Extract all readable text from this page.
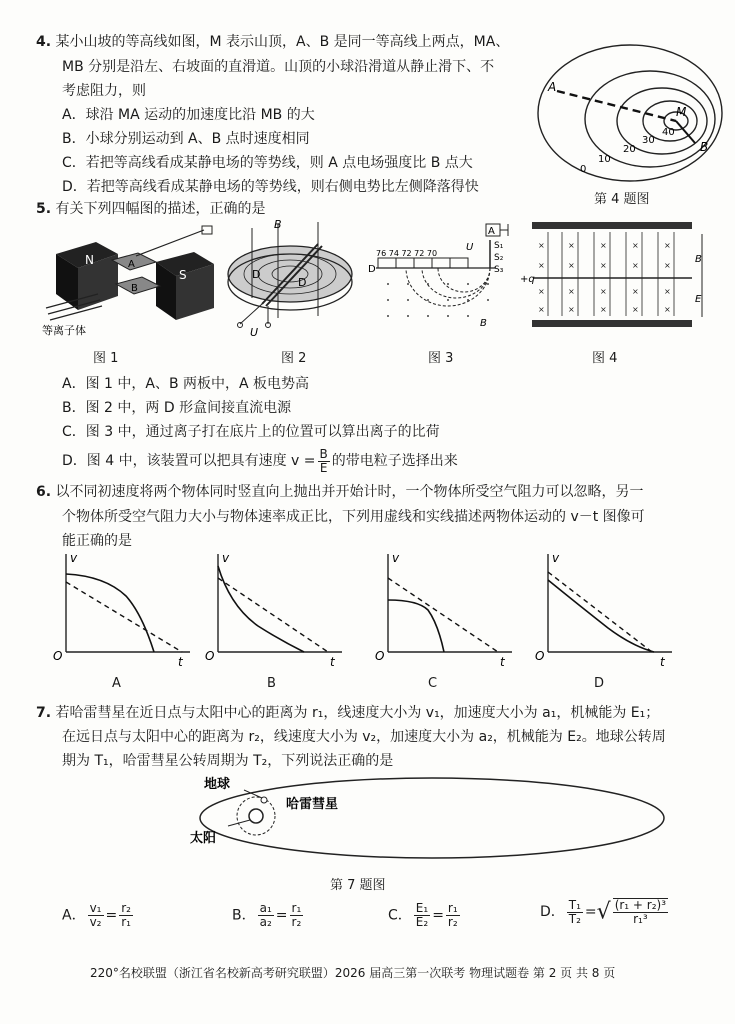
4. 某小山坡的等高线如图，M 表示山顶，A、B 是同一等高线上两点，MA、
MB 分别是沿左、右坡面的直滑道。山顶的小球沿滑道从静止滑下、不
考虑阻力，则
A．球沿 MA 运动的加速度比沿 MB 的大
B．小球分别运动到 A、B 点时速度相同
C．若把等高线看成某静电场的等势线，则 A 点电场强度比 B 点大
D．若把等高线看成某静电场的等势线，则右侧电势比左侧降落得快
A
M
B
0
10
20
30
40
第 4 题图
5. 有关下列四幅图的描述，正确的是
N
S
A
B
等离子体
图 1
B
D
D
U
图 2
76 74 72 72 70
D
B
A
U S₁
S₂
S₃
图 3
×	×	×	×	×
×	×	×	×	×
×	×	×	×	×
×	×	×	×	×
+q
B
E
图 4
A．图 1 中，A、B 两板中，A 板电势高
B．图 2 中，两 D 形盒间接直流电源
C．图 3 中，通过离子打在底片上的位置可以算出离子的比荷
D．图 4 中，该装置可以把具有速度 $v = \frac{B}{E}$ 的带电粒子选择出来
6. 以不同初速度将两个物体同时竖直向上抛出并开始计时，一个物体所受空气阻力可以忽略，另一
个物体所受空气阻力大小与物体速率成正比，下列用虚线和实线描述两物体运动的 v－t 图像可
能正确的是
v
t
O
A
v
t
O
B
v
t
O
C
v
t
O
D
7. 若哈雷彗星在近日点与太阳中心的距离为 r₁，线速度大小为 v₁，加速度大小为 a₁，机械能为 E₁；
在远日点与太阳中心的距离为 r₂，线速度大小为 v₂，加速度大小为 a₂，机械能为 E₂。地球公转周
期为 T₁，哈雷彗星公转周期为 T₂，下列说法正确的是
地球
哈雷彗星
太阳
第 7 题图
A． $\frac{\text{v₁}}{\text{v₂}} = \frac{\text{r₂}}{\text{r₁}}$	B． $\frac{\text{a₁}}{\text{a₂}} = \frac{\text{r₁}}{\text{r₂}}$	C． $\frac{\text{E₁}}{\text{E₂}} = \frac{\text{r₁}}{\text{r₂}}$	D． $\frac{\text{T₁}}{\text{T₂}}$ =√ $\frac{\text{(r₁ + r₂)³}}{\text{r₁³}}$
220°名校联盟（浙江省名校新高考研究联盟）2026 届高三第一次联考 物理试题卷 第 2 页 共 8 页
